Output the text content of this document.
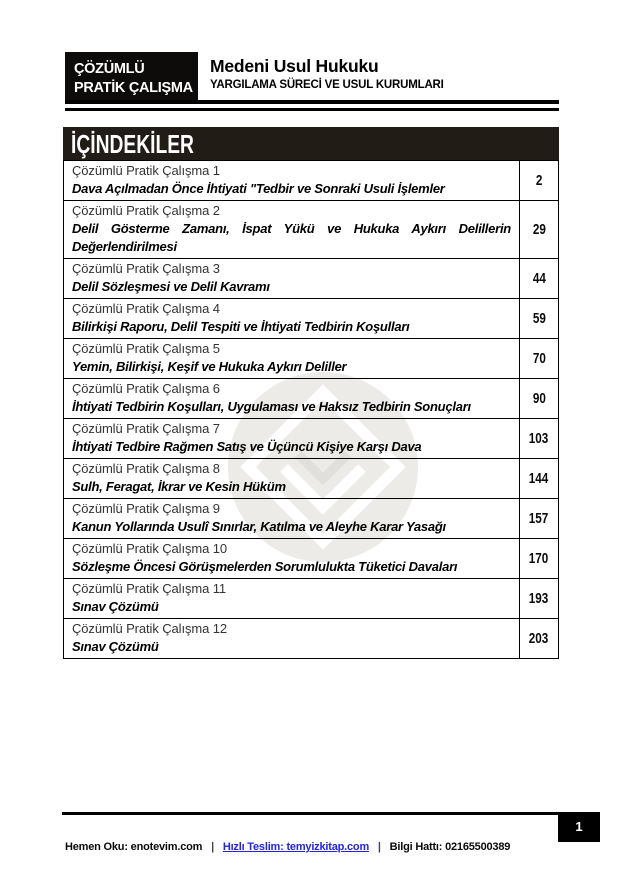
ÇÖZÜMLÜ
PRATİK ÇALIŞMA
Medeni Usul Hukuku
YARGILAMA SÜRECİ VE USUL KURUMLARI
İÇİNDEKİLER
Çözümlü Pratik Çalışma 1
Dava Açılmadan Önce İhtiyati "Tedbir ve Sonraki Usuli İşlemler	2

Çözümlü Pratik Çalışma 2
Delil Gösterme Zamanı, İspat Yükü ve Hukuka Aykırı Delillerin Değerlendirilmesi	29

Çözümlü Pratik Çalışma 3
Delil Sözleşmesi ve Delil Kavramı	44

Çözümlü Pratik Çalışma 4
Bilirkişi Raporu, Delil Tespiti ve İhtiyati Tedbirin Koşulları	59

Çözümlü Pratik Çalışma 5
Yemin, Bilirkişi, Keşif ve Hukuka Aykırı Deliller	70

Çözümlü Pratik Çalışma 6
İhtiyati Tedbirin Koşulları, Uygulaması ve Haksız Tedbirin Sonuçları	90

Çözümlü Pratik Çalışma 7
İhtiyati Tedbire Rağmen Satış ve Üçüncü Kişiye Karşı Dava	103

Çözümlü Pratik Çalışma 8
Sulh, Feragat, İkrar ve Kesin Hüküm	144

Çözümlü Pratik Çalışma 9
Kanun Yollarında Usulî Sınırlar, Katılma ve Aleyhe Karar Yasağı	157

Çözümlü Pratik Çalışma 10
Sözleşme Öncesi Görüşmelerden Sorumlulukta Tüketici Davaları	170

Çözümlü Pratik Çalışma 11
Sınav Çözümü	193

Çözümlü Pratik Çalışma 12
Sınav Çözümü	203
1
Hemen Oku: enotevim.com | Hızlı Teslim: temyizkitap.com | Bilgi Hattı: 02165500389
